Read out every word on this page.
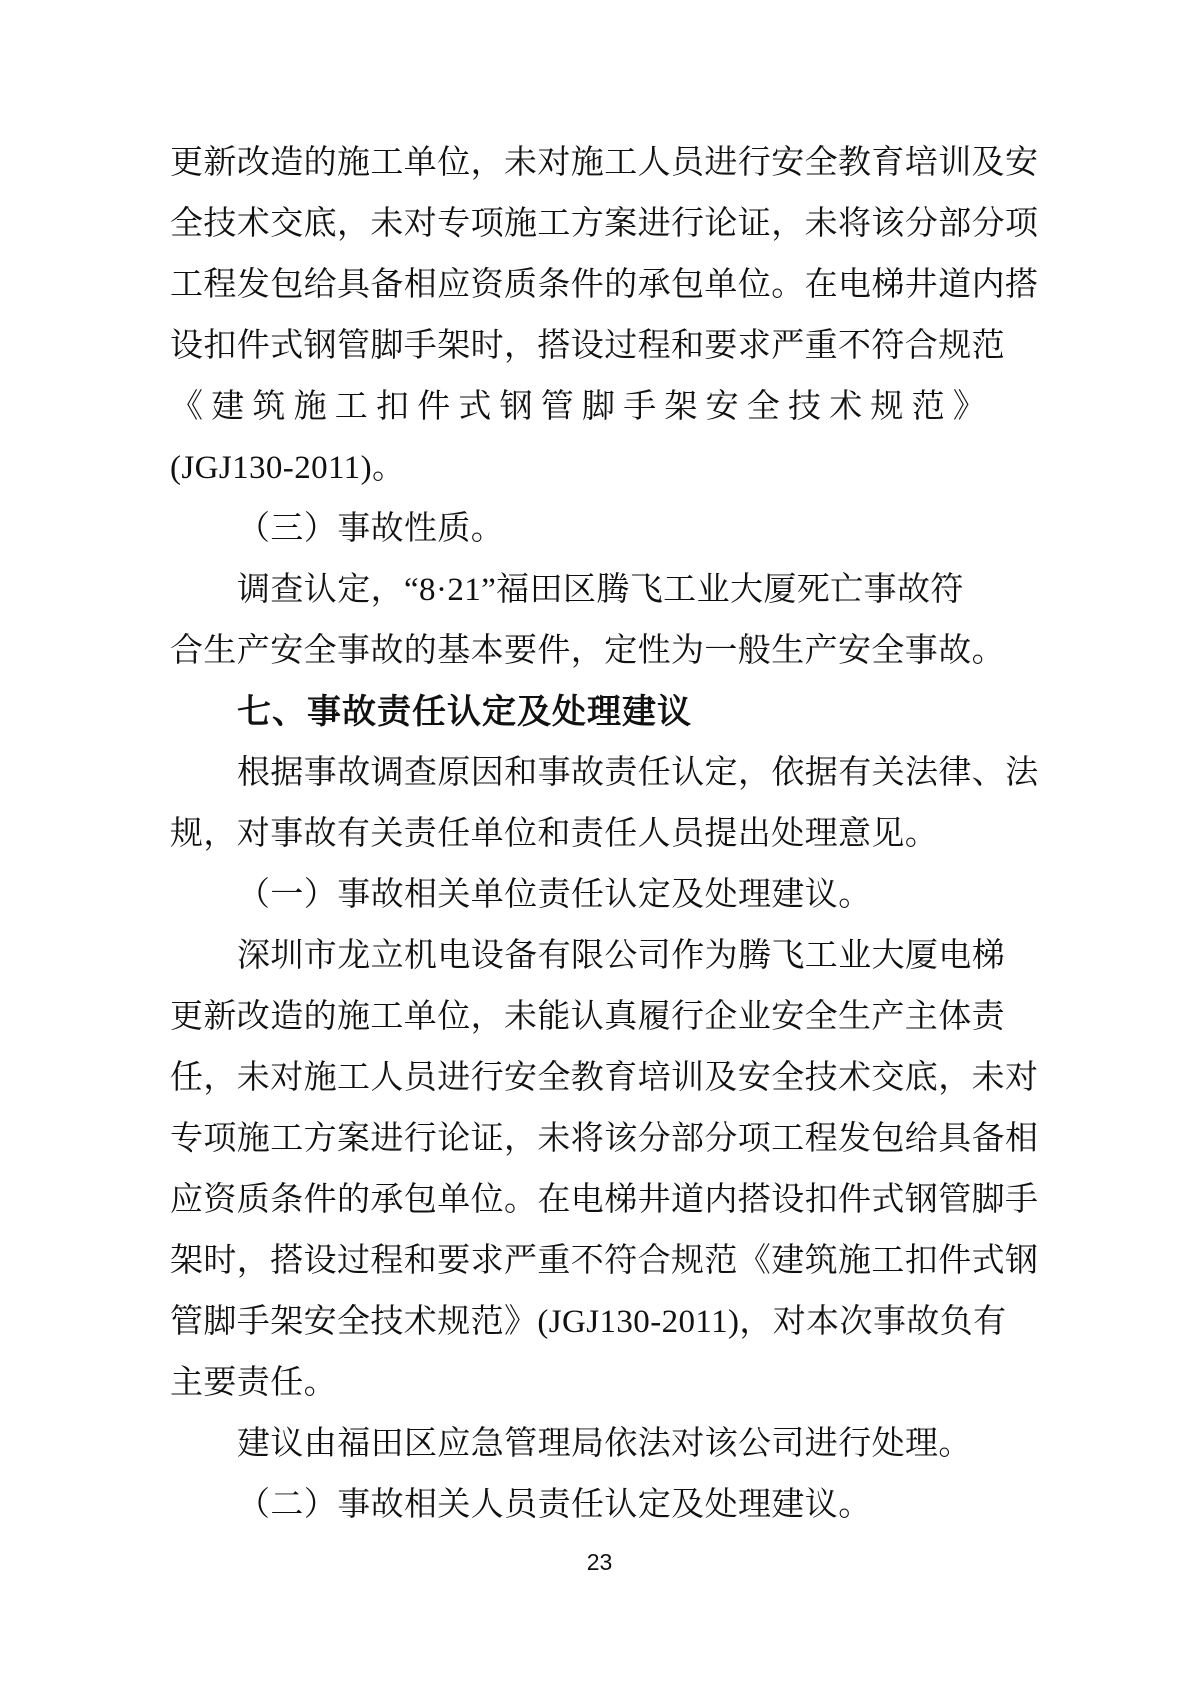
更新改造的施工单位，未对施工人员进行安全教育培训及安
全技术交底，未对专项施工方案进行论证，未将该分部分项
工程发包给具备相应资质条件的承包单位。在电梯井道内搭
设扣件式钢管脚手架时，搭设过程和要求严重不符合规范
《建筑施工扣件式钢管脚手架安全技术规范》
(JGJ130-2011)。
（三）事故性质。
调查认定，“8·21”福田区腾飞工业大厦死亡事故符
合生产安全事故的基本要件，定性为一般生产安全事故。
七、事故责任认定及处理建议
根据事故调查原因和事故责任认定，依据有关法律、法
规，对事故有关责任单位和责任人员提出处理意见。
（一）事故相关单位责任认定及处理建议。
深圳市龙立机电设备有限公司作为腾飞工业大厦电梯
更新改造的施工单位，未能认真履行企业安全生产主体责
任，未对施工人员进行安全教育培训及安全技术交底，未对
专项施工方案进行论证，未将该分部分项工程发包给具备相
应资质条件的承包单位。在电梯井道内搭设扣件式钢管脚手
架时，搭设过程和要求严重不符合规范《建筑施工扣件式钢
管脚手架安全技术规范》(JGJ130-2011)，对本次事故负有
主要责任。
建议由福田区应急管理局依法对该公司进行处理。
（二）事故相关人员责任认定及处理建议。
23
